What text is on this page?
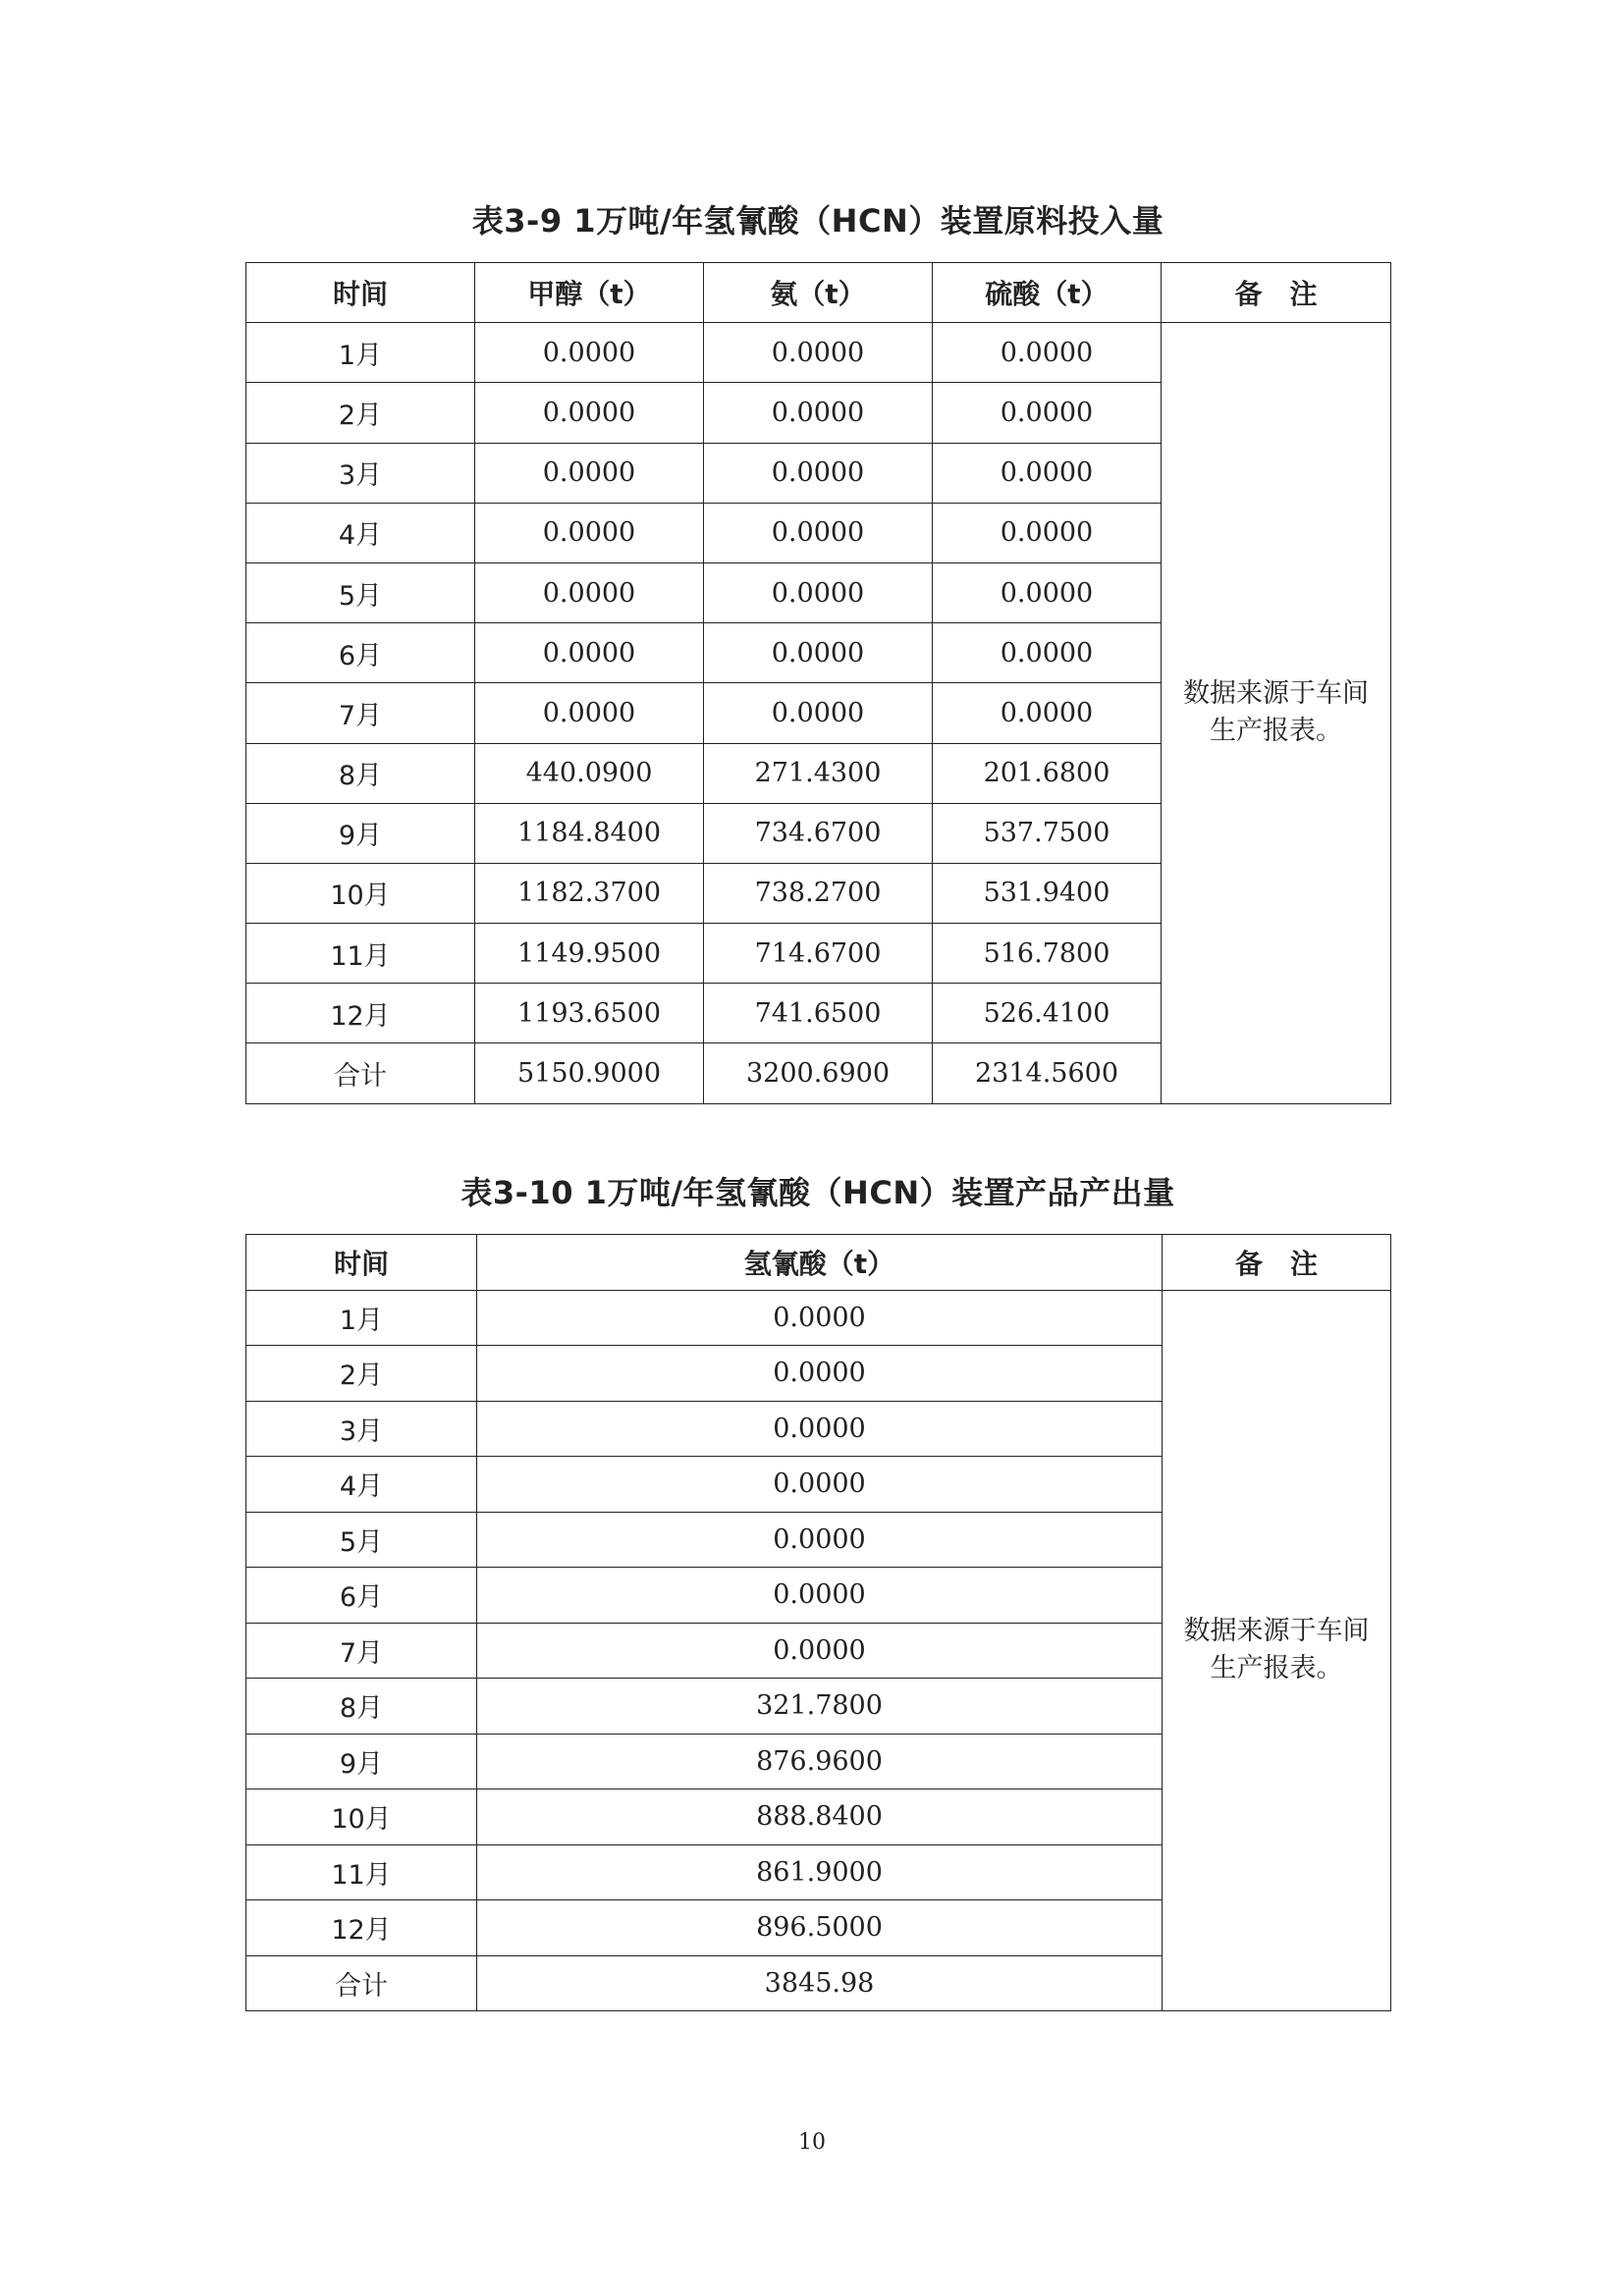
表3-9 1万吨/年氢氰酸（HCN）装置原料投入量
时间	甲醇（t）	氨（t）	硫酸（t）	备　注
1月	0.0000	0.0000	0.0000	数据来源于车间生产报表。
2月	0.0000	0.0000	0.0000	
3月	0.0000	0.0000	0.0000	
4月	0.0000	0.0000	0.0000	
5月	0.0000	0.0000	0.0000	
6月	0.0000	0.0000	0.0000	
7月	0.0000	0.0000	0.0000	
8月	440.0900	271.4300	201.6800	
9月	1184.8400	734.6700	537.7500	
10月	1182.3700	738.2700	531.9400	
11月	1149.9500	714.6700	516.7800	
12月	1193.6500	741.6500	526.4100	
合计	5150.9000	3200.6900	2314.5600	
表3-10 1万吨/年氢氰酸（HCN）装置产品产出量
时间	氢氰酸（t）	备　注
1月	0.0000	数据来源于车间生产报表。
2月	0.0000	
3月	0.0000	
4月	0.0000	
5月	0.0000	
6月	0.0000	
7月	0.0000	
8月	321.7800	
9月	876.9600	
10月	888.8400	
11月	861.9000	
12月	896.5000	
合计	3845.98	
10
